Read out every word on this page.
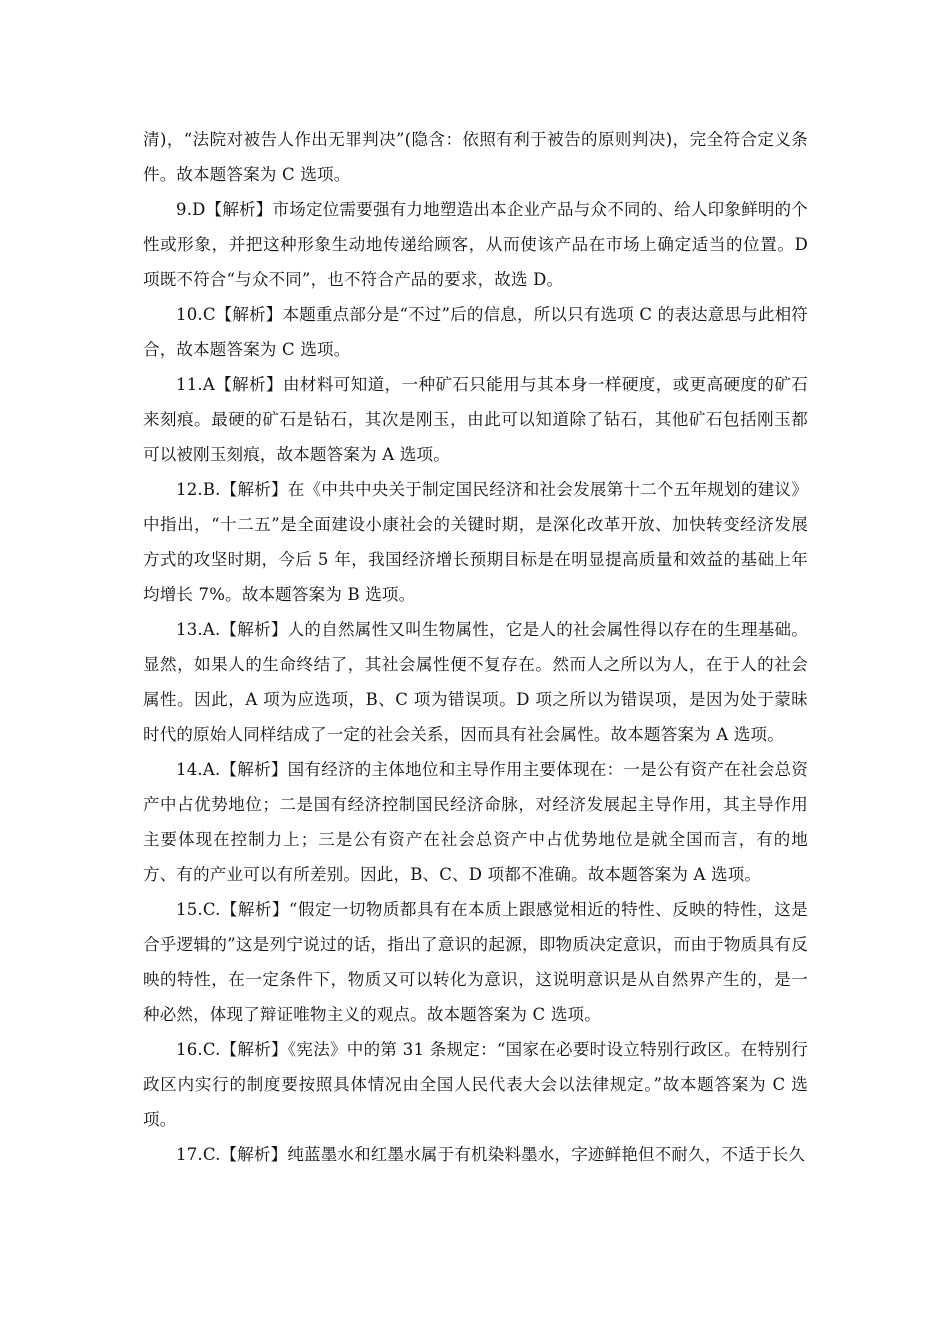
清)，“法院对被告人作出无罪判决”(隐含：依照有利于被告的原则判决)，完全符合定义条件。故本题答案为 C 选项。

9.D【解析】市场定位需要强有力地塑造出本企业产品与众不同的、给人印象鲜明的个性或形象，并把这种形象生动地传递给顾客，从而使该产品在市场上确定适当的位置。D 项既不符合“与众不同”，也不符合产品的要求，故选 D。

10.C【解析】本题重点部分是“不过”后的信息，所以只有选项 C 的表达意思与此相符合，故本题答案为 C 选项。

11.A【解析】由材料可知道，一种矿石只能用与其本身一样硬度，或更高硬度的矿石来刻痕。最硬的矿石是钻石，其次是刚玉，由此可以知道除了钻石，其他矿石包括刚玉都可以被刚玉刻痕，故本题答案为 A 选项。

12.B.【解析】在《中共中央关于制定国民经济和社会发展第十二个五年规划的建议》中指出，“十二五”是全面建设小康社会的关键时期，是深化改革开放、加快转变经济发展方式的攻坚时期，今后 5 年，我国经济增长预期目标是在明显提高质量和效益的基础上年均增长 7%。故本题答案为 B 选项。

13.A.【解析】人的自然属性又叫生物属性，它是人的社会属性得以存在的生理基础。显然，如果人的生命终结了，其社会属性便不复存在。然而人之所以为人，在于人的社会属性。因此，A 项为应选项，B、C 项为错误项。D 项之所以为错误项，是因为处于蒙昧时代的原始人同样结成了一定的社会关系，因而具有社会属性。故本题答案为 A 选项。

14.A.【解析】国有经济的主体地位和主导作用主要体现在：一是公有资产在社会总资产中占优势地位；二是国有经济控制国民经济命脉，对经济发展起主导作用，其主导作用主要体现在控制力上；三是公有资产在社会总资产中占优势地位是就全国而言，有的地方、有的产业可以有所差别。因此，B、C、D 项都不准确。故本题答案为 A 选项。

15.C.【解析】“假定一切物质都具有在本质上跟感觉相近的特性、反映的特性，这是合乎逻辑的”这是列宁说过的话，指出了意识的起源，即物质决定意识，而由于物质具有反映的特性，在一定条件下，物质又可以转化为意识，这说明意识是从自然界产生的，是一种必然，体现了辩证唯物主义的观点。故本题答案为 C 选项。

16.C.【解析】《宪法》中的第 31 条规定：“国家在必要时设立特别行政区。在特别行政区内实行的制度要按照具体情况由全国人民代表大会以法律规定。”故本题答案为 C 选项。

17.C.【解析】纯蓝墨水和红墨水属于有机染料墨水，字迹鲜艳但不耐久，不适于长久
